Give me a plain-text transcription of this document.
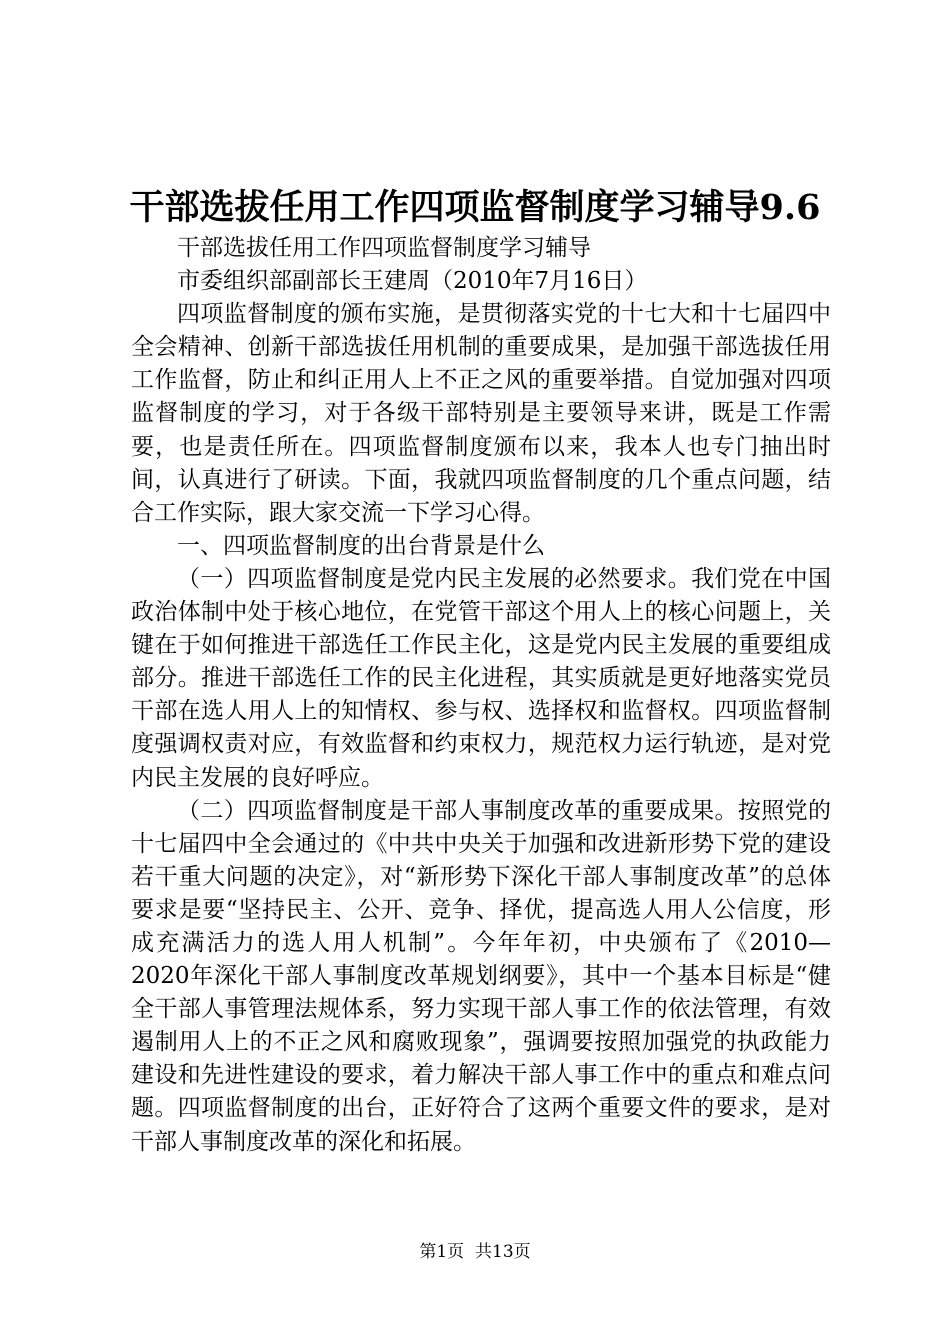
干部选拔任用工作四项监督制度学习辅导9.6

干部选拔任用工作四项监督制度学习辅导

市委组织部副部长王建周（2010年7月16日）

四项监督制度的颁布实施，是贯彻落实党的十七大和十七届四中全会精神、创新干部选拔任用机制的重要成果，是加强干部选拔任用工作监督，防止和纠正用人上不正之风的重要举措。自觉加强对四项监督制度的学习，对于各级干部特别是主要领导来讲，既是工作需要，也是责任所在。四项监督制度颁布以来，我本人也专门抽出时间，认真进行了研读。下面，我就四项监督制度的几个重点问题，结合工作实际，跟大家交流一下学习心得。

一、四项监督制度的出台背景是什么

（一）四项监督制度是党内民主发展的必然要求。我们党在中国政治体制中处于核心地位，在党管干部这个用人上的核心问题上，关键在于如何推进干部选任工作民主化，这是党内民主发展的重要组成部分。推进干部选任工作的民主化进程，其实质就是更好地落实党员干部在选人用人上的知情权、参与权、选择权和监督权。四项监督制度强调权责对应，有效监督和约束权力，规范权力运行轨迹，是对党内民主发展的良好呼应。

（二）四项监督制度是干部人事制度改革的重要成果。按照党的十七届四中全会通过的《中共中央关于加强和改进新形势下党的建设若干重大问题的决定》，对“新形势下深化干部人事制度改革”的总体要求是要“坚持民主、公开、竞争、择优，提高选人用人公信度，形成充满活力的选人用人机制”。今年年初，中央颁布了《2010—2020年深化干部人事制度改革规划纲要》，其中一个基本目标是“健全干部人事管理法规体系，努力实现干部人事工作的依法管理，有效遏制用人上的不正之风和腐败现象”，强调要按照加强党的执政能力建设和先进性建设的要求，着力解决干部人事工作中的重点和难点问题。四项监督制度的出台，正好符合了这两个重要文件的要求，是对干部人事制度改革的深化和拓展。

第1页 共13页
